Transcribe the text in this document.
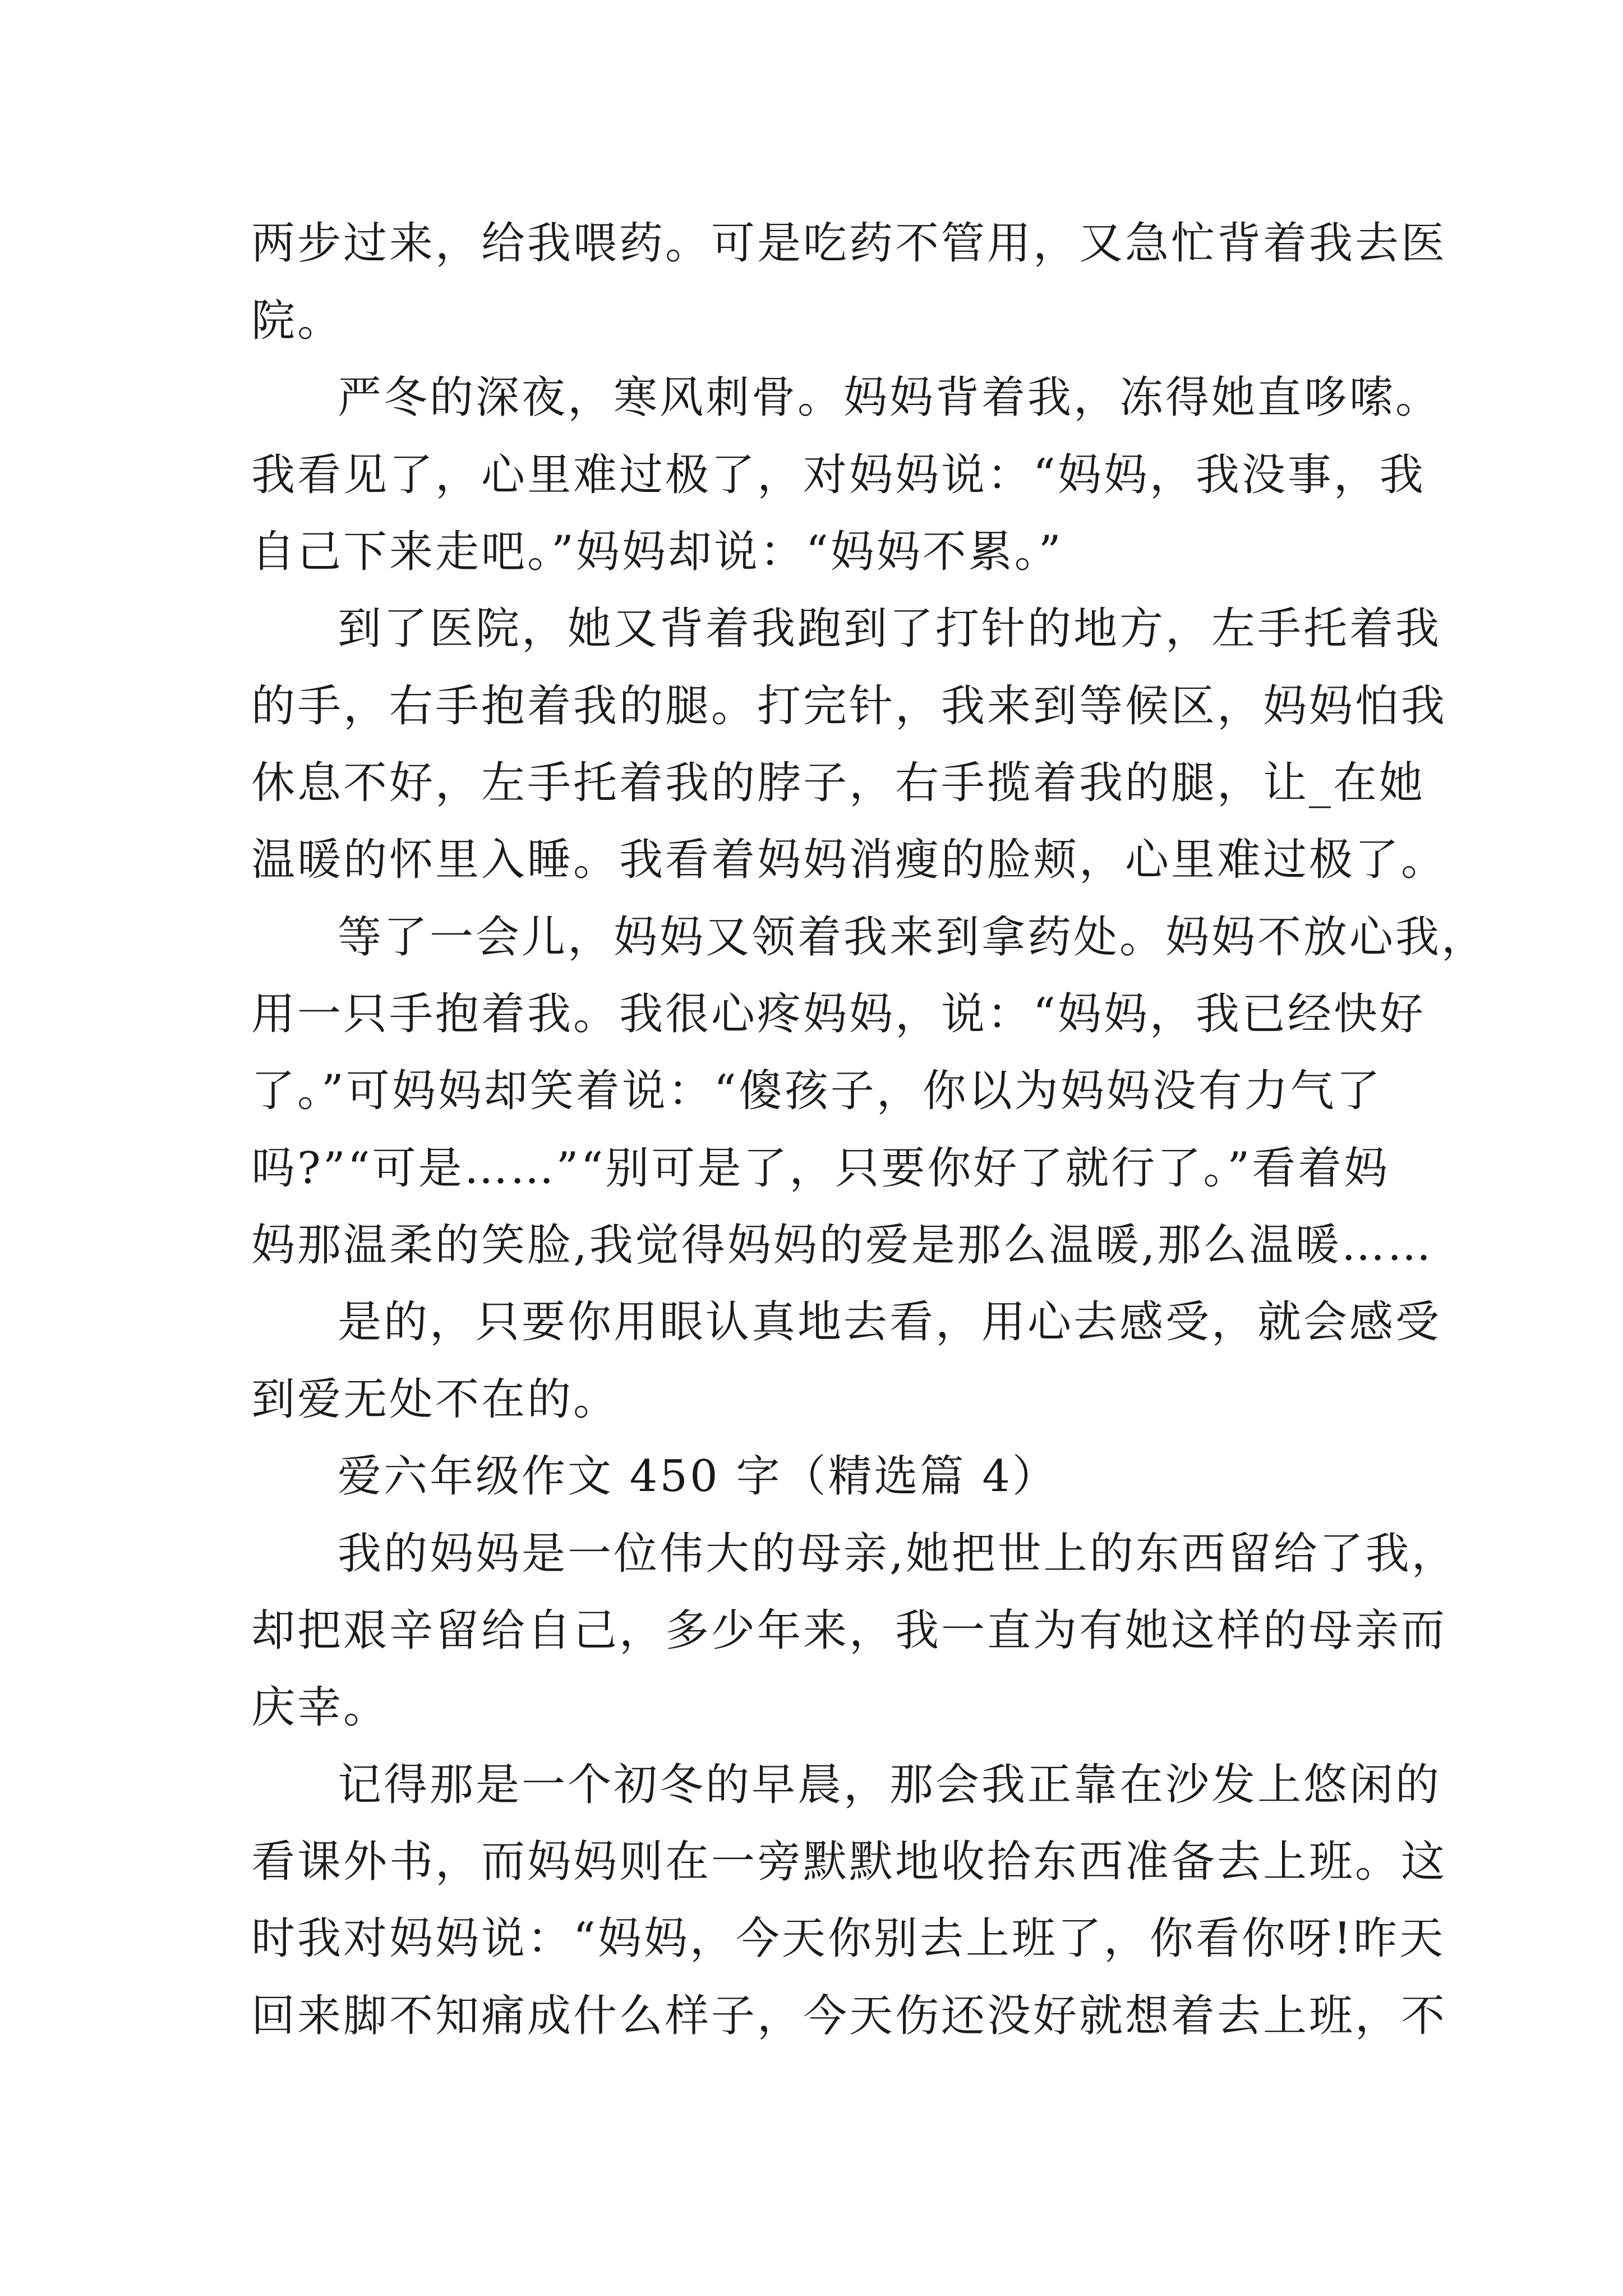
两步过来，给我喂药。可是吃药不管用，又急忙背着我去医
院。
严冬的深夜，寒风刺骨。妈妈背着我，冻得她直哆嗦。
我看见了，心里难过极了，对妈妈说：“妈妈，我没事，我
自己下来走吧。”妈妈却说：“妈妈不累。”
到了医院，她又背着我跑到了打针的地方，左手托着我
的手，右手抱着我的腿。打完针，我来到等候区，妈妈怕我
休息不好，左手托着我的脖子，右手揽着我的腿，让_在她
温暖的怀里入睡。我看着妈妈消瘦的脸颊，心里难过极了。
等了一会儿，妈妈又领着我来到拿药处。妈妈不放心我，
用一只手抱着我。我很心疼妈妈，说：“妈妈，我已经快好
了。”可妈妈却笑着说：“傻孩子，你以为妈妈没有力气了
吗?”“可是……”“别可是了，只要你好了就行了。”看着妈
妈那温柔的笑脸,我觉得妈妈的爱是那么温暖,那么温暖……
是的，只要你用眼认真地去看，用心去感受，就会感受
到爱无处不在的。
爱六年级作文 450 字（精选篇 4）
我的妈妈是一位伟大的母亲,她把世上的东西留给了我，
却把艰辛留给自己，多少年来，我一直为有她这样的母亲而
庆幸。
记得那是一个初冬的早晨，那会我正靠在沙发上悠闲的
看课外书，而妈妈则在一旁默默地收拾东西准备去上班。这
时我对妈妈说：“妈妈，今天你别去上班了，你看你呀!昨天
回来脚不知痛成什么样子，今天伤还没好就想着去上班，不
